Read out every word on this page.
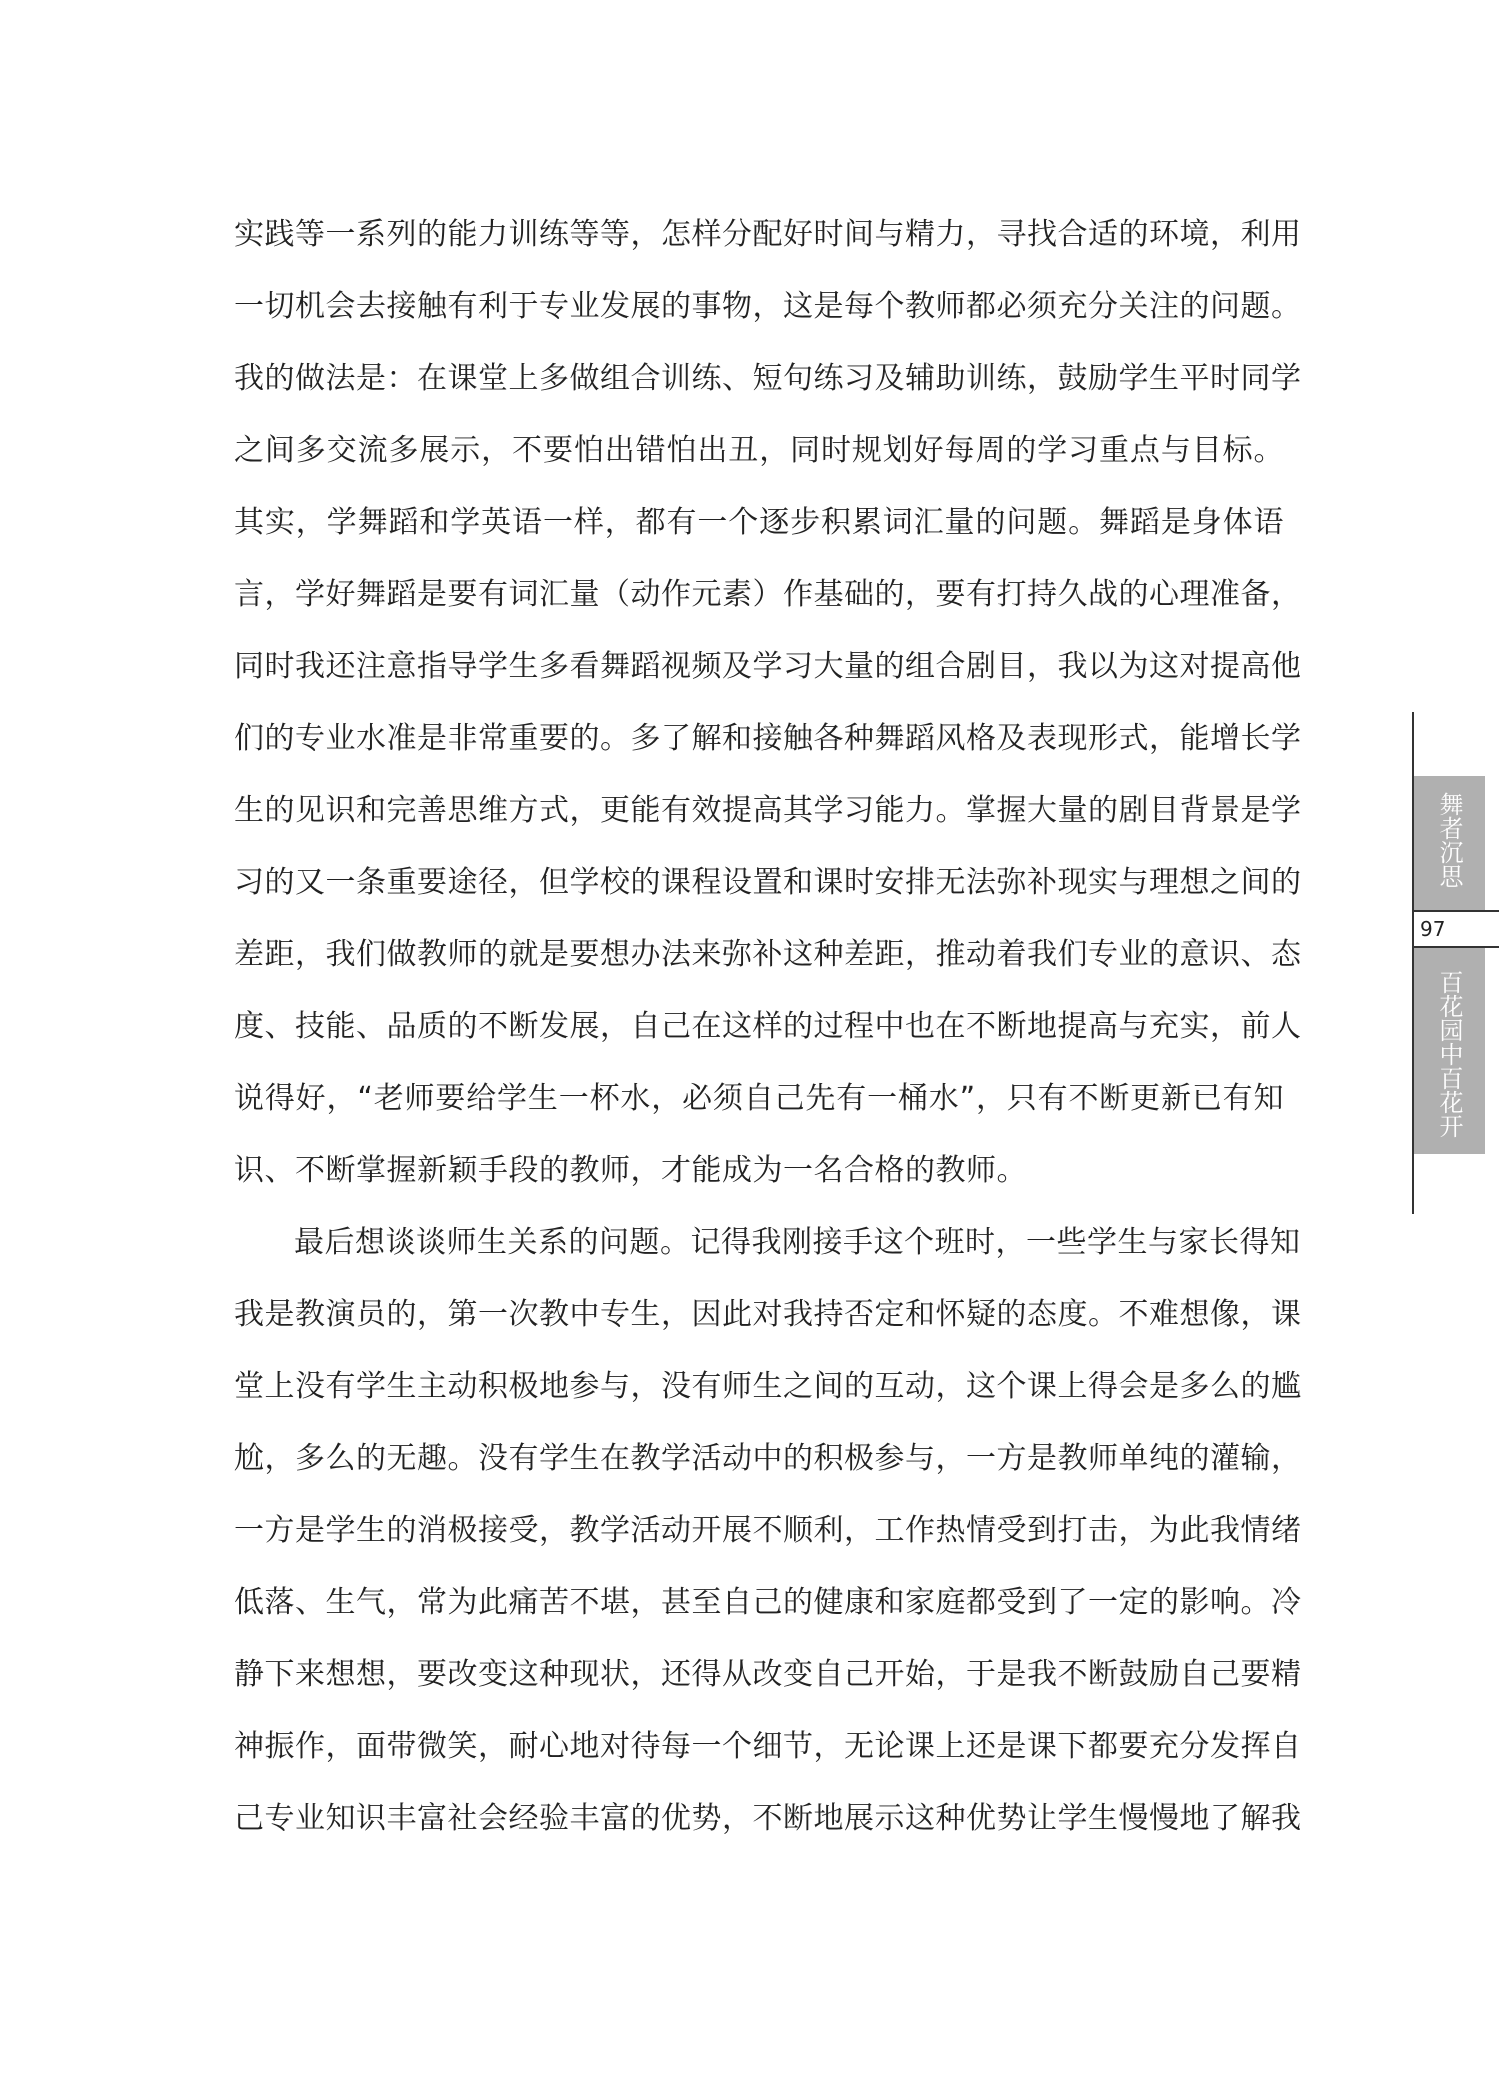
实践等一系列的能力训练等等，怎样分配好时间与精力，寻找合适的环境，利用
一切机会去接触有利于专业发展的事物，这是每个教师都必须充分关注的问题。
我的做法是：在课堂上多做组合训练、短句练习及辅助训练，鼓励学生平时同学
之间多交流多展示，不要怕出错怕出丑，同时规划好每周的学习重点与目标。
其实，学舞蹈和学英语一样，都有一个逐步积累词汇量的问题。舞蹈是身体语
言，学好舞蹈是要有词汇量（动作元素）作基础的，要有打持久战的心理准备，
同时我还注意指导学生多看舞蹈视频及学习大量的组合剧目，我以为这对提高他
们的专业水准是非常重要的。多了解和接触各种舞蹈风格及表现形式，能增长学
生的见识和完善思维方式，更能有效提高其学习能力。掌握大量的剧目背景是学
习的又一条重要途径，但学校的课程设置和课时安排无法弥补现实与理想之间的
差距，我们做教师的就是要想办法来弥补这种差距，推动着我们专业的意识、态
度、技能、品质的不断发展，自己在这样的过程中也在不断地提高与充实，前人
说得好，“老师要给学生一杯水，必须自己先有一桶水”，只有不断更新已有知
识、不断掌握新颖手段的教师，才能成为一名合格的教师。
最后想谈谈师生关系的问题。记得我刚接手这个班时，一些学生与家长得知
我是教演员的，第一次教中专生，因此对我持否定和怀疑的态度。不难想像，课
堂上没有学生主动积极地参与，没有师生之间的互动，这个课上得会是多么的尴
尬，多么的无趣。没有学生在教学活动中的积极参与，一方是教师单纯的灌输，
一方是学生的消极接受，教学活动开展不顺利，工作热情受到打击，为此我情绪
低落、生气，常为此痛苦不堪，甚至自己的健康和家庭都受到了一定的影响。冷
静下来想想，要改变这种现状，还得从改变自己开始，于是我不断鼓励自己要精
神振作，面带微笑，耐心地对待每一个细节，无论课上还是课下都要充分发挥自
己专业知识丰富社会经验丰富的优势，不断地展示这种优势让学生慢慢地了解我
舞者沉思
97
百花园中百花开
